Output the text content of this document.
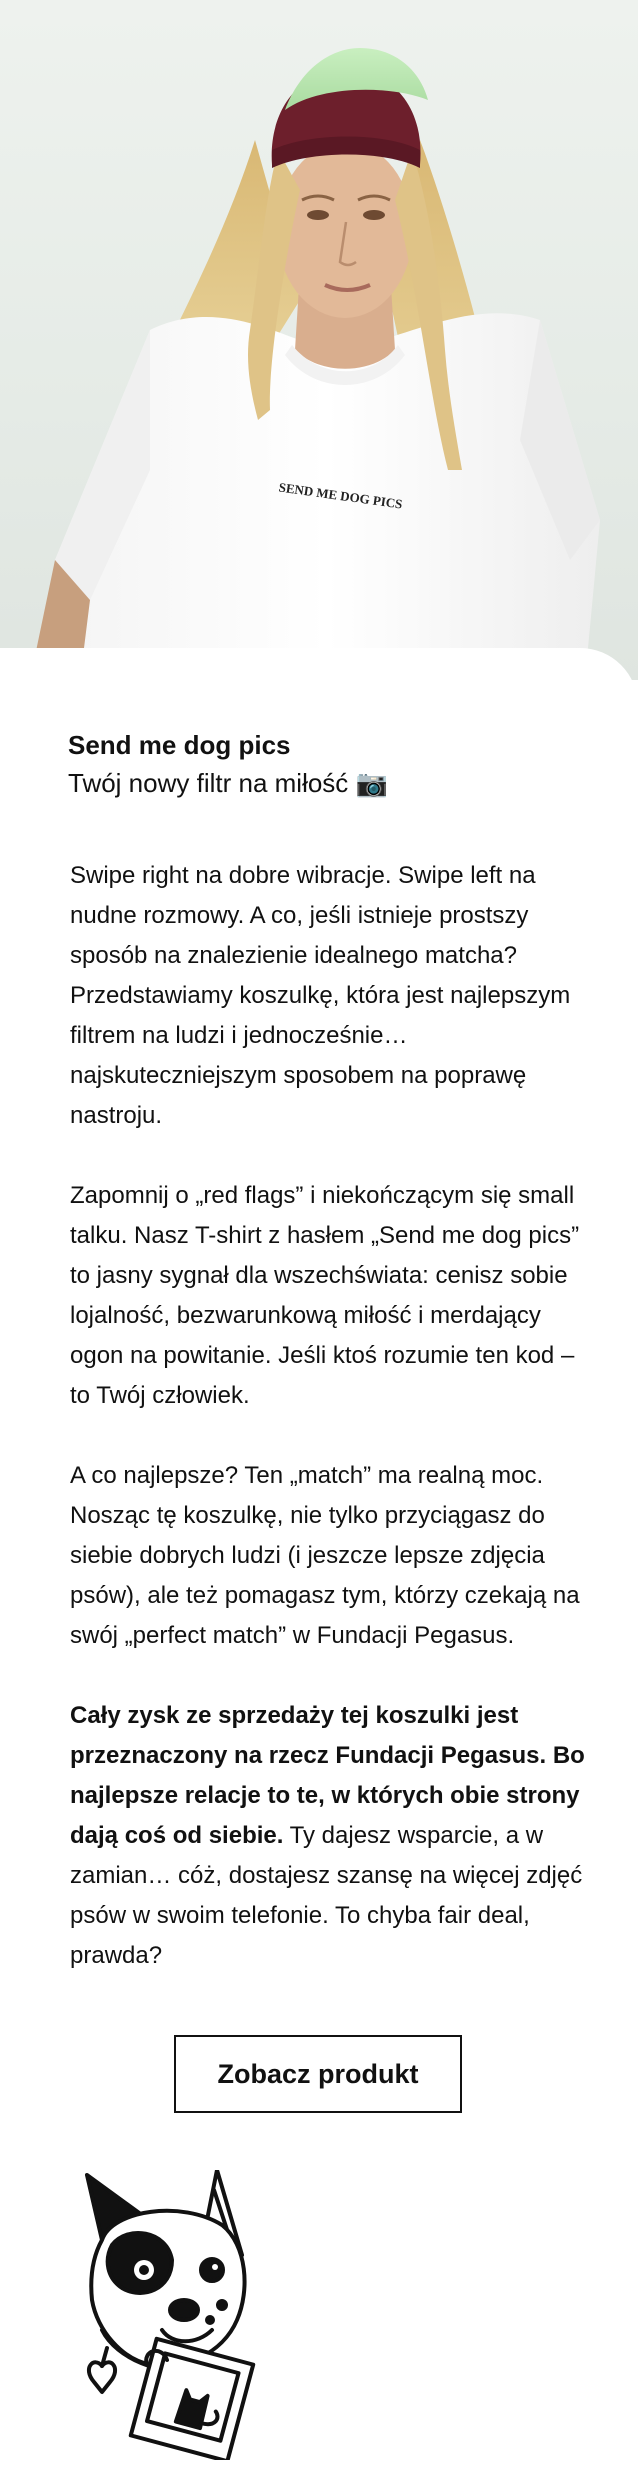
SEND ME DOG PICS
Send me dog pics

Twój nowy filtr na miłość 📷

Swipe right na dobre wibracje. Swipe left na nudne rozmowy. A co, jeśli istnieje prostszy sposób na znalezienie idealnego matcha? Przedstawiamy koszulkę, która jest najlepszym filtrem na ludzi i jednocześnie… najskuteczniejszym sposobem na poprawę nastroju.

Zapomnij o „red flags” i niekończącym się small talku. Nasz T-shirt z hasłem „Send me dog pics” to jasny sygnał dla wszechświata: cenisz sobie lojalność, bezwarunkową miłość i merdający ogon na powitanie. Jeśli ktoś rozumie ten kod – to Twój człowiek.

A co najlepsze? Ten „match” ma realną moc. Nosząc tę koszulkę, nie tylko przyciągasz do siebie dobrych ludzi (i jeszcze lepsze zdjęcia psów), ale też pomagasz tym, którzy czekają na swój „perfect match” w Fundacji Pegasus.

Cały zysk ze sprzedaży tej koszulki jest przeznaczony na rzecz Fundacji Pegasus. Bo najlepsze relacje to te, w których obie strony dają coś od siebie. Ty dajesz wsparcie, a w zamian… cóż, dostajesz szansę na więcej zdjęć psów w swoim telefonie. To chyba fair deal, prawda?

Zobacz produkt
